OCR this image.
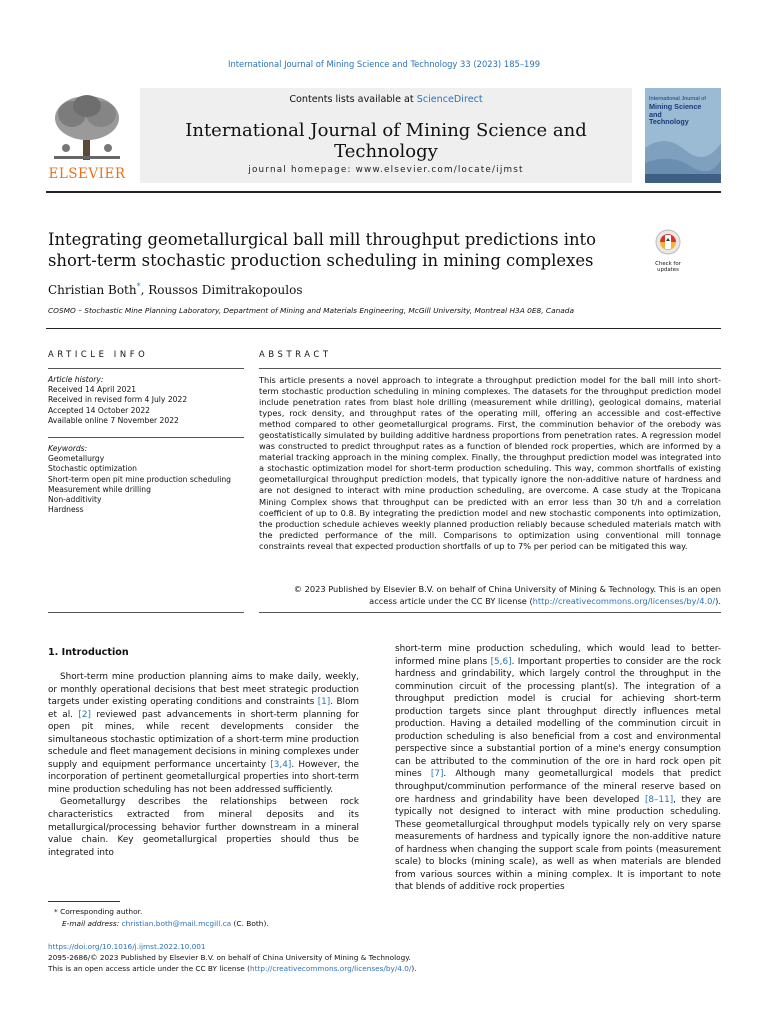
International Journal of Mining Science and Technology 33 (2023) 185–199
ELSEVIER
Contents lists available at ScienceDirect
International Journal of Mining Science and Technology
journal homepage: www.elsevier.com/locate/ijmst
International Journal of
Mining Science
and
Technology
Integrating geometallurgical ball mill throughput predictions into short-term stochastic production scheduling in mining complexes	Check for updates
Christian Both*, Roussos Dimitrakopoulos
COSMO – Stochastic Mine Planning Laboratory, Department of Mining and Materials Engineering, McGill University, Montreal H3A 0E8, Canada
ARTICLE INFO
Article history:
Received 14 April 2021
Received in revised form 4 July 2022
Accepted 14 October 2022
Available online 7 November 2022
Keywords:
Geometallurgy
Stochastic optimization
Short-term open pit mine production scheduling
Measurement while drilling
Non-additivity
Hardness
ABSTRACT
This article presents a novel approach to integrate a throughput prediction model for the ball mill into short-term stochastic production scheduling in mining complexes. The datasets for the throughput prediction model include penetration rates from blast hole drilling (measurement while drilling), geological domains, material types, rock density, and throughput rates of the operating mill, offering an accessible and cost-effective method compared to other geometallurgical programs. First, the comminution behavior of the orebody was geostatistically simulated by building additive hardness proportions from penetration rates. A regression model was constructed to predict throughput rates as a function of blended rock properties, which are informed by a material tracking approach in the mining complex. Finally, the throughput prediction model was integrated into a stochastic optimization model for short-term production scheduling. This way, common shortfalls of existing geometallurgical throughput prediction models, that typically ignore the non-additive nature of hardness and are not designed to interact with mine production scheduling, are overcome. A case study at the Tropicana Mining Complex shows that throughput can be predicted with an error less than 30 t/h and a correlation coefficient of up to 0.8. By integrating the prediction model and new stochastic components into optimization, the production schedule achieves weekly planned production reliably because scheduled materials match with the predicted performance of the mill. Comparisons to optimization using conventional mill tonnage constraints reveal that expected production shortfalls of up to 7% per period can be mitigated this way.
© 2023 Published by Elsevier B.V. on behalf of China University of Mining & Technology. This is an open
access article under the CC BY license (http://creativecommons.org/licenses/by/4.0/).
1. Introduction

Short-term mine production planning aims to make daily, weekly, or monthly operational decisions that best meet strategic production targets under existing operating conditions and constraints [1]. Blom et al. [2] reviewed past advancements in short-term planning for open pit mines, while recent developments consider the simultaneous stochastic optimization of a short-term mine production schedule and fleet management decisions in mining complexes under supply and equipment performance uncertainty [3,4]. However, the incorporation of pertinent geometallurgical properties into short-term mine production scheduling has not been addressed sufficiently.

Geometallurgy describes the relationships between rock characteristics extracted from mineral deposits and its metallurgical/processing behavior further downstream in a mineral value chain. Key geometallurgical properties should thus be integrated into

short-term mine production scheduling, which would lead to better-informed mine plans [5,6]. Important properties to consider are the rock hardness and grindability, which largely control the throughput in the comminution circuit of the processing plant(s). The integration of a throughput prediction model is crucial for achieving short-term production targets since plant throughput directly influences metal production. Having a detailed modelling of the comminution circuit in production scheduling is also beneficial from a cost and environmental perspective since a substantial portion of a mine's energy consumption can be attributed to the comminution of the ore in hard rock open pit mines [7]. Although many geometallurgical models that predict throughput/comminution performance of the mineral reserve based on ore hardness and grindability have been developed [8–11], they are typically not designed to interact with mine production scheduling. These geometallurgical throughput models typically rely on very sparse measurements of hardness and typically ignore the non-additive nature of hardness when changing the support scale from points (measurement scale) to blocks (mining scale), as well as when materials are blended from various sources within a mining complex. It is important to note that blends of additive rock properties

* Corresponding author.
E-mail address: christian.both@mail.mcgill.ca (C. Both).
https://doi.org/10.1016/j.ijmst.2022.10.001
2095-2686/© 2023 Published by Elsevier B.V. on behalf of China University of Mining & Technology.
This is an open access article under the CC BY license (http://creativecommons.org/licenses/by/4.0/).
